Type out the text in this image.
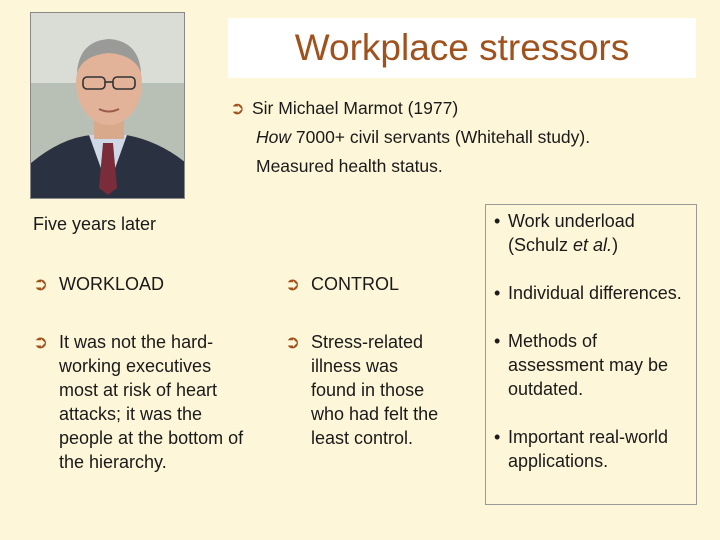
Workplace stressors
➲ Sir Michael Marmot (1977)
How 7000+ civil servants (Whitehall study).
Measured health status.
Five years later
➲ WORKLOAD
➲ It was not the hard-working executives most at risk of heart attacks; it was the people at the bottom of the hierarchy.
➲ CONTROL
➲ Stress-related illness was found in those who had felt the least control.
• Work underload (Schulz et al.)
• Individual differences.
• Methods of assessment may be outdated.
• Important real-world applications.
